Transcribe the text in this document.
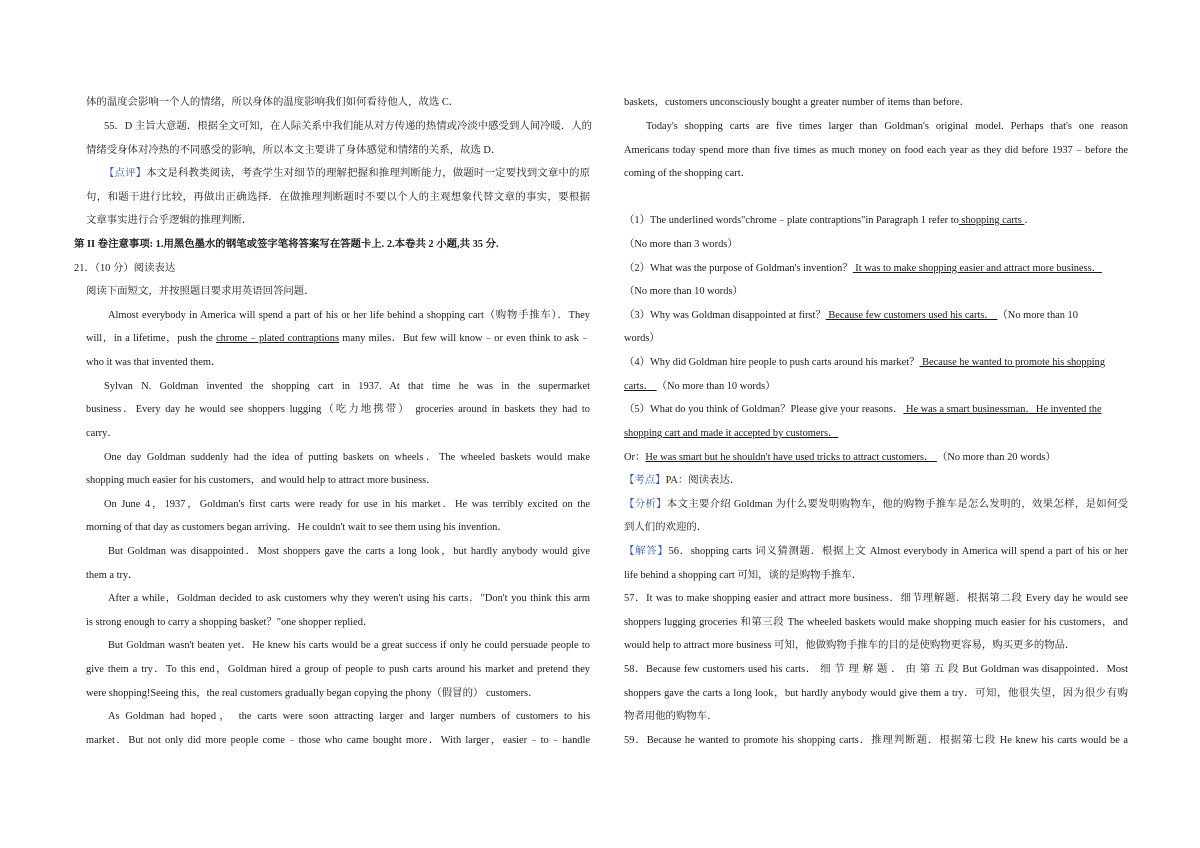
体的温度会影响一个人的情绪，所以身体的温度影响我们如何看待他人，故选 C．
55．D 主旨大意题．根据全文可知，在人际关系中我们能从对方传递的热情或冷淡中感受到人间冷暖．人的
情绪受身体对冷热的不同感受的影响，所以本文主要讲了身体感觉和情绪的关系，故选 D．
【点评】本文是科教类阅读，考查学生对细节的理解把握和推理判断能力，做题时一定要找到文章中的原
句，和题干进行比较，再做出正确选择．在做推理判断题时不要以个人的主观想象代替文章的事实，要根据
文章事实进行合乎逻辑的推理判断．
第 II 卷注意事项: 1.用黑色墨水的钢笔或签字笔将答案写在答题卡上. 2.本卷共 2 小题,共 35 分.
21．（10 分）阅读表达
阅读下面短文，并按照题目要求用英语回答问题．
Almost everybody in America will spend a part of his or her life behind a shopping cart（购物手推车）．They
will，in a lifetime，push the chrome﹣plated contraptions many miles．But few will know﹣or even think to ask﹣
who it was that invented them．
Sylvan N. Goldman invented the shopping cart in 1937. At that time he was in the supermarket
business．Every day he would see shoppers lugging（吃力地携带） groceries around in baskets they had to
carry．
One day Goldman suddenly had the idea of putting baskets on wheels．The wheeled baskets would make
shopping much easier for his customers，and would help to attract more business．
On June 4，1937，Goldman's first carts were ready for use in his market．He was terribly excited on the
morning of that day as customers began arriving．He couldn't wait to see them using his invention．
But Goldman was disappointed．Most shoppers gave the carts a long look，but hardly anybody would give
them a try．
After a while，Goldman decided to ask customers why they weren't using his carts．"Don't you think this arm
is strong enough to carry a shopping basket？"one shopper replied．
But Goldman wasn't beaten yet．He knew his carts would be a great success if only he could persuade people to
give them a try．To this end，Goldman hired a group of people to push carts around his market and pretend they
were shopping!Seeing this，the real customers gradually began copying the phony（假冒的） customers．
As Goldman had hoped， the carts were soon attracting larger and larger numbers of customers to his
market．But not only did more people come﹣those who came bought more．With larger，easier﹣to﹣handle
baskets，customers unconsciously bought a greater number of items than before．
Today's shopping carts are five times larger than Goldman's original model. Perhaps that's one reason
Americans today spend more than five times as much money on food each year as they did before 1937﹣before the
coming of the shopping cart．
（1）The underlined words"chrome﹣plate contraptions"in Paragraph 1 refer to shopping carts ．
（No more than 3 words）
（2）What was the purpose of Goldman's invention？ It was to make shopping easier and attract more business．
（No more than 10 words）
（3）Why was Goldman disappointed at first？ Because few customers used his carts． （No more than 10
words）
（4）Why did Goldman hire people to push carts around his market？ Because he wanted to promote his shopping
carts． （No more than 10 words）
（5）What do you think of Goldman？Please give your reasons． He was a smart businessman．He invented the
shopping cart and made it accepted by customers．
Or：He was smart but he shouldn't have used tricks to attract customers． （No more than 20 words）
【考点】PA：阅读表达．
【分析】本文主要介绍 Goldman 为什么要发明购物车，他的购物手推车是怎么发明的，效果怎样，是如何受
到人们的欢迎的．
【解答】56．shopping carts 词义猜测题．根据上文 Almost everybody in America will spend a part of his or her
life behind a shopping cart 可知，谈的是购物手推车．
57．It was to make shopping easier and attract more business．细节理解题．根据第二段 Every day he would see
shoppers lugging groceries 和第三段 The wheeled baskets would make shopping much easier for his customers，and
would help to attract more business 可知，他做购物手推车的目的是使购物更容易，购买更多的物品．
58．Because few customers used his carts． 细 节 理 解 题 ． 由 第 五 段 But Goldman was disappointed．Most
shoppers gave the carts a long look，but hardly anybody would give them a try．可知，他很失望，因为很少有购
物者用他的购物车．
59．Because he wanted to promote his shopping carts．推理判断题．根据第七段 He knew his carts would be a
